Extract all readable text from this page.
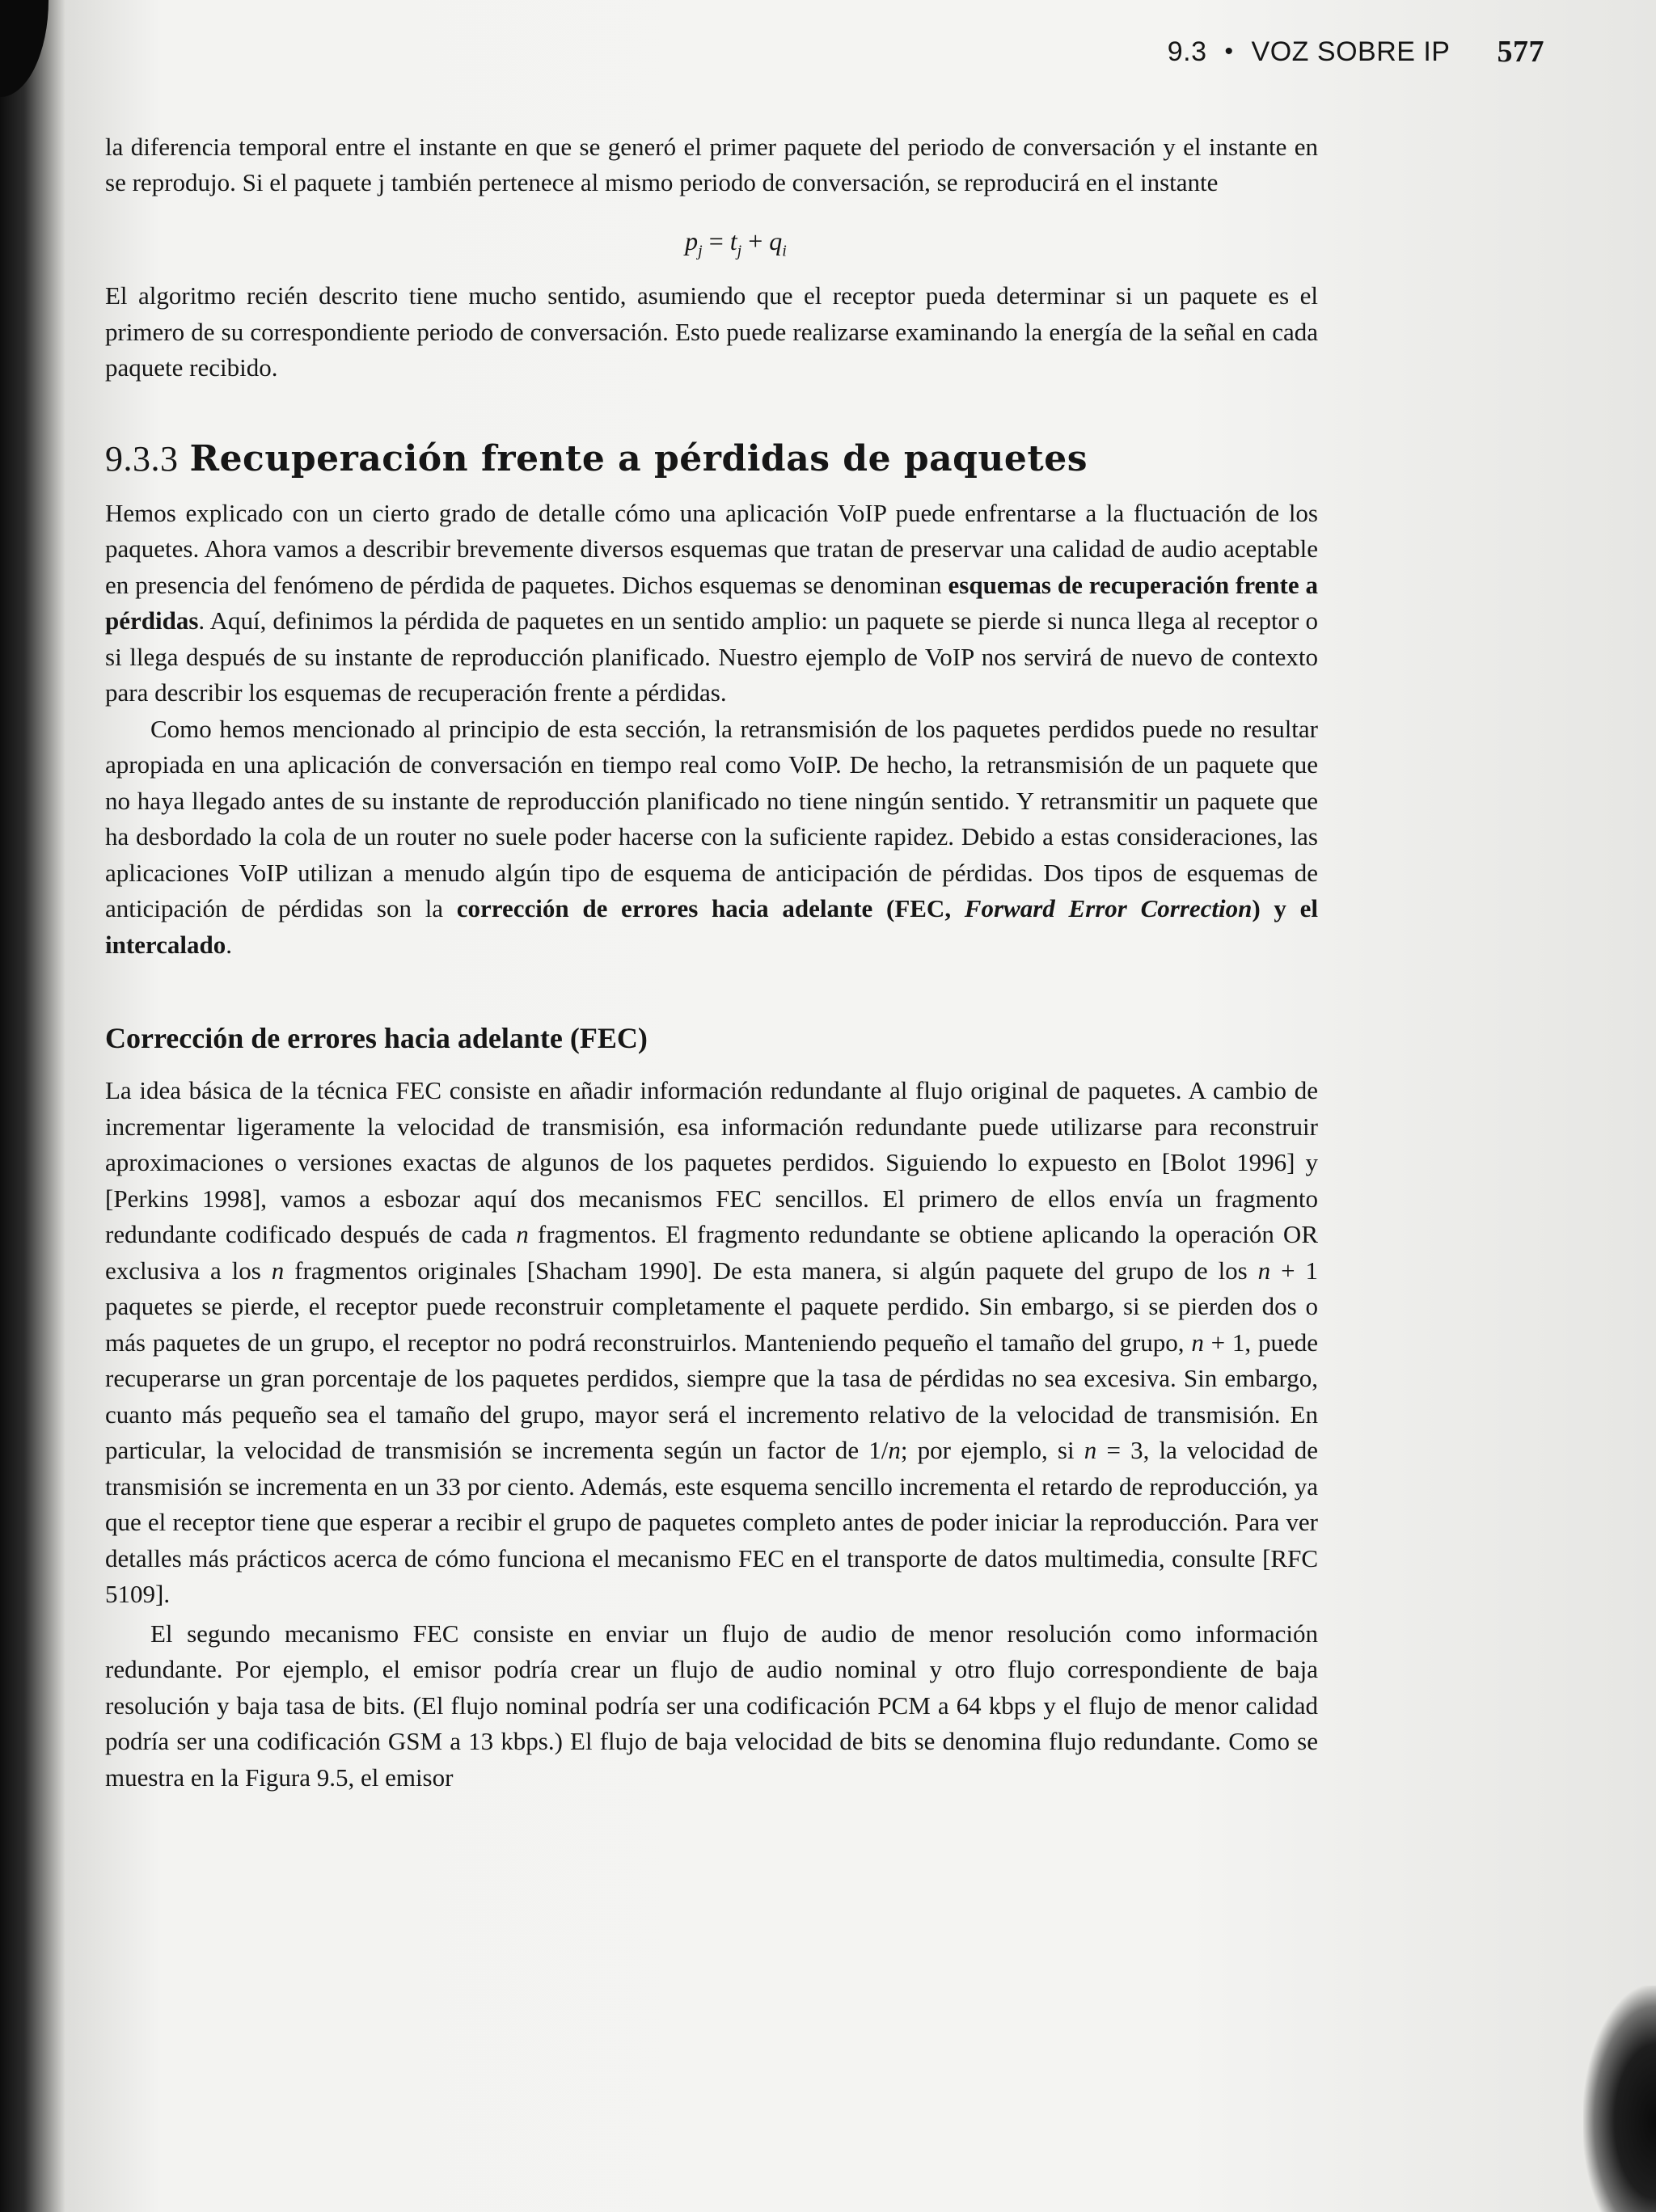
9.3 • VOZ SOBRE IP 577

la diferencia temporal entre el instante en que se generó el primer paquete del periodo de conversación y el instante en se reprodujo. Si el paquete j también pertenece al mismo periodo de conversación, se reproducirá en el instante

$p_j = t_j + q_i$

El algoritmo recién descrito tiene mucho sentido, asumiendo que el receptor pueda determinar si un paquete es el primero de su correspondiente periodo de conversación. Esto puede realizarse examinando la energía de la señal en cada paquete recibido.

9.3.3 Recuperación frente a pérdidas de paquetes

Hemos explicado con un cierto grado de detalle cómo una aplicación VoIP puede enfrentarse a la fluctuación de los paquetes. Ahora vamos a describir brevemente diversos esquemas que tratan de preservar una calidad de audio aceptable en presencia del fenómeno de pérdida de paquetes. Dichos esquemas se denominan esquemas de recuperación frente a pérdidas. Aquí, definimos la pérdida de paquetes en un sentido amplio: un paquete se pierde si nunca llega al receptor o si llega después de su instante de reproducción planificado. Nuestro ejemplo de VoIP nos servirá de nuevo de contexto para describir los esquemas de recuperación frente a pérdidas.

Como hemos mencionado al principio de esta sección, la retransmisión de los paquetes perdidos puede no resultar apropiada en una aplicación de conversación en tiempo real como VoIP. De hecho, la retransmisión de un paquete que no haya llegado antes de su instante de reproducción planificado no tiene ningún sentido. Y retransmitir un paquete que ha desbordado la cola de un router no suele poder hacerse con la suficiente rapidez. Debido a estas consideraciones, las aplicaciones VoIP utilizan a menudo algún tipo de esquema de anticipación de pérdidas. Dos tipos de esquemas de anticipación de pérdidas son la corrección de errores hacia adelante (FEC, Forward Error Correction) y el intercalado.

Corrección de errores hacia adelante (FEC)

La idea básica de la técnica FEC consiste en añadir información redundante al flujo original de paquetes. A cambio de incrementar ligeramente la velocidad de transmisión, esa información redundante puede utilizarse para reconstruir aproximaciones o versiones exactas de algunos de los paquetes perdidos. Siguiendo lo expuesto en [Bolot 1996] y [Perkins 1998], vamos a esbozar aquí dos mecanismos FEC sencillos. El primero de ellos envía un fragmento redundante codificado después de cada n fragmentos. El fragmento redundante se obtiene aplicando la operación OR exclusiva a los n fragmentos originales [Shacham 1990]. De esta manera, si algún paquete del grupo de los n + 1 paquetes se pierde, el receptor puede reconstruir completamente el paquete perdido. Sin embargo, si se pierden dos o más paquetes de un grupo, el receptor no podrá reconstruirlos. Manteniendo pequeño el tamaño del grupo, n + 1, puede recuperarse un gran porcentaje de los paquetes perdidos, siempre que la tasa de pérdidas no sea excesiva. Sin embargo, cuanto más pequeño sea el tamaño del grupo, mayor será el incremento relativo de la velocidad de transmisión. En particular, la velocidad de transmisión se incrementa según un factor de 1/n; por ejemplo, si n = 3, la velocidad de transmisión se incrementa en un 33 por ciento. Además, este esquema sencillo incrementa el retardo de reproducción, ya que el receptor tiene que esperar a recibir el grupo de paquetes completo antes de poder iniciar la reproducción. Para ver detalles más prácticos acerca de cómo funciona el mecanismo FEC en el transporte de datos multimedia, consulte [RFC 5109].

El segundo mecanismo FEC consiste en enviar un flujo de audio de menor resolución como información redundante. Por ejemplo, el emisor podría crear un flujo de audio nominal y otro flujo correspondiente de baja resolución y baja tasa de bits. (El flujo nominal podría ser una codificación PCM a 64 kbps y el flujo de menor calidad podría ser una codificación GSM a 13 kbps.) El flujo de baja velocidad de bits se denomina flujo redundante. Como se muestra en la Figura 9.5, el emisor
